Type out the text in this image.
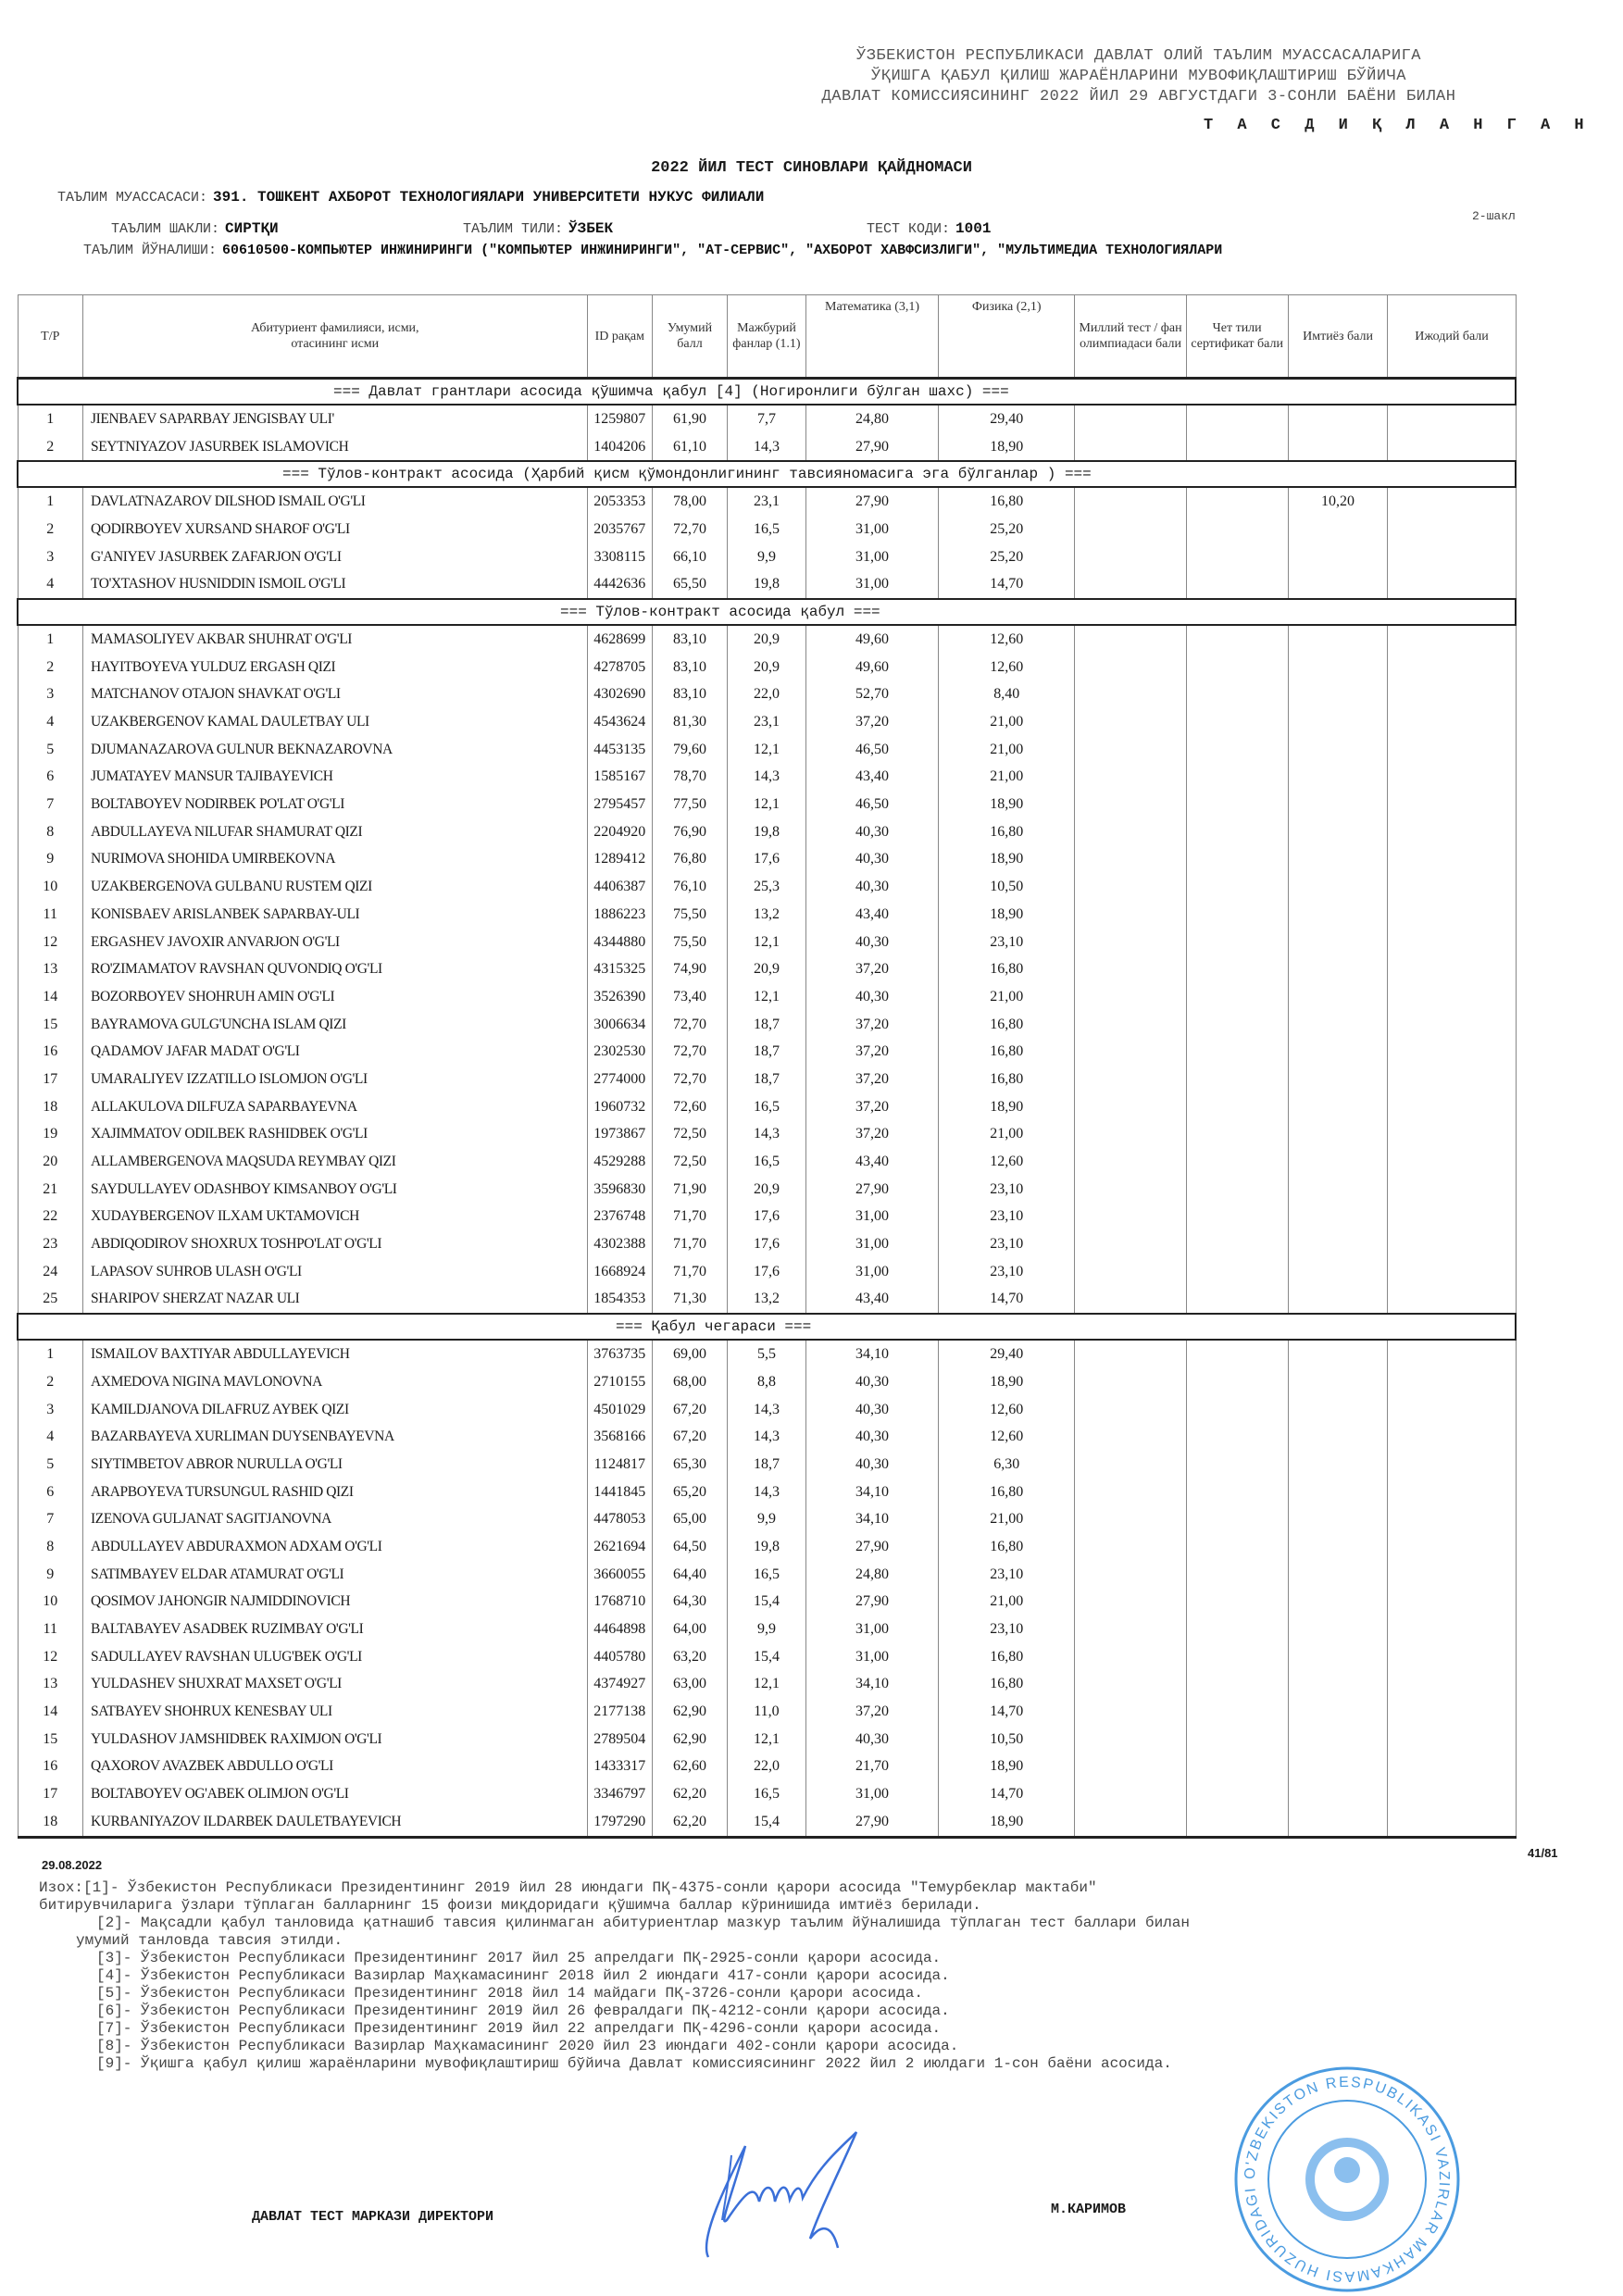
ЎЗБЕКИСТОН РЕСПУБЛИКАСИ ДАВЛАТ ОЛИЙ ТАЪЛИМ МУАССАСАЛАРИГА
ЎҚИШГА ҚАБУЛ ҚИЛИШ ЖАРАЁНЛАРИНИ МУВОФИҚЛАШТИРИШ БЎЙИЧА
ДАВЛАТ КОМИССИЯСИНИНГ 2022 ЙИЛ 29 АВГУСТДАГИ 3-СОНЛИ БАЁНИ БИЛАН
Т А С Д И Қ Л А Н Г А Н
2022 ЙИЛ ТЕСТ СИНОВЛАРИ ҚАЙДНОМАСИ
ТАЪЛИМ МУАССАСАСИ: 391. ТОШКЕНТ АХБОРОТ ТЕХНОЛОГИЯЛАРИ УНИВЕРСИТЕТИ НУКУС ФИЛИАЛИ
ТАЪЛИМ ШАКЛИ: СИРТҚИ	ТАЪЛИМ ТИЛИ: ЎЗБЕК	ТЕСТ КОДИ: 1001
2-шакл
ТАЪЛИМ ЙЎНАЛИШИ: 60610500-КОМПЬЮТЕР ИНЖИНИРИНГИ ("КОМПЬЮТЕР ИНЖИНИРИНГИ", "АТ-СЕРВИС", "АХБОРОТ ХАВФСИЗЛИГИ", "МУЛЬТИМЕДИА ТЕХНОЛОГИЯЛАРИ
Т/Р	Абитуриент фамилияси, исми, отасининг исми	ID рақам	Умумий балл	Мажбурий фанлар (1.1)	Математика (3,1)	Физика (2,1)	Миллий тест / фан олимпиадаси бали	Чет тили сертификат бали	Имтиёз бали	Ижодий бали
=== Давлат грантлари асосида қўшимча қабул [4] (Ногиронлиги бўлган шахс) ===										
1	JIENBAEV SAPARBAY JENGISBAY ULI'	1259807	61,90	7,7	24,80	29,40				
2	SEYTNIYAZOV JASURBEK ISLAMOVICH	1404206	61,10	14,3	27,90	18,90				
=== Тўлов-контракт асосида (Ҳарбий қисм қўмондонлигининг тавсияномасига эга бўлганлар ) ===										
1	DAVLATNAZAROV DILSHOD ISMAIL O'G'LI	2053353	78,00	23,1	27,90	16,80			10,20	
2	QODIRBOYEV XURSAND SHAROF O'G'LI	2035767	72,70	16,5	31,00	25,20				
3	G'ANIYEV JASURBEK ZAFARJON O'G'LI	3308115	66,10	9,9	31,00	25,20				
4	TO'XTASHOV HUSNIDDIN ISMOIL O'G'LI	4442636	65,50	19,8	31,00	14,70				
=== Тўлов-контракт асосида қабул ===										
1	MAMASOLIYEV AKBAR SHUHRAT O'G'LI	4628699	83,10	20,9	49,60	12,60				
2	HAYITBOYEVA YULDUZ ERGASH QIZI	4278705	83,10	20,9	49,60	12,60				
3	MATCHANOV OTAJON SHAVKAT O'G'LI	4302690	83,10	22,0	52,70	8,40				
4	UZAKBERGENOV KAMAL DAULETBAY ULI	4543624	81,30	23,1	37,20	21,00				
5	DJUMANAZAROVA GULNUR BEKNAZAROVNA	4453135	79,60	12,1	46,50	21,00				
6	JUMATAYEV MANSUR TAJIBAYEVICH	1585167	78,70	14,3	43,40	21,00				
7	BOLTABOYEV NODIRBEK PO'LAT O'G'LI	2795457	77,50	12,1	46,50	18,90				
8	ABDULLAYEVA NILUFAR SHAMURAT QIZI	2204920	76,90	19,8	40,30	16,80				
9	NURIMOVA SHOHIDA UMIRBEKOVNA	1289412	76,80	17,6	40,30	18,90				
10	UZAKBERGENOVA GULBANU RUSTEM QIZI	4406387	76,10	25,3	40,30	10,50				
11	KONISBAEV ARISLANBEK SAPARBAY-ULI	1886223	75,50	13,2	43,40	18,90				
12	ERGASHEV JAVOXIR ANVARJON O'G'LI	4344880	75,50	12,1	40,30	23,10				
13	RO'ZIMAMATOV RAVSHAN QUVONDIQ O'G'LI	4315325	74,90	20,9	37,20	16,80				
14	BOZORBOYEV SHOHRUH AMIN O'G'LI	3526390	73,40	12,1	40,30	21,00				
15	BAYRAMOVA GULG'UNCHA ISLAM QIZI	3006634	72,70	18,7	37,20	16,80				
16	QADAMOV JAFAR MADAT O'G'LI	2302530	72,70	18,7	37,20	16,80				
17	UMARALIYEV IZZATILLO ISLOMJON O'G'LI	2774000	72,70	18,7	37,20	16,80				
18	ALLAKULOVA DILFUZA SAPARBAYEVNA	1960732	72,60	16,5	37,20	18,90				
19	XAJIMMATOV ODILBEK RASHIDBEK O'G'LI	1973867	72,50	14,3	37,20	21,00				
20	ALLAMBERGENOVA MAQSUDA REYMBAY QIZI	4529288	72,50	16,5	43,40	12,60				
21	SAYDULLAYEV ODASHBOY KIMSANBOY O'G'LI	3596830	71,90	20,9	27,90	23,10				
22	XUDAYBERGENOV ILXAM UKTAMOVICH	2376748	71,70	17,6	31,00	23,10				
23	ABDIQODIROV SHOXRUX TOSHPO'LAT O'G'LI	4302388	71,70	17,6	31,00	23,10				
24	LAPASOV SUHROB ULASH O'G'LI	1668924	71,70	17,6	31,00	23,10				
25	SHARIPOV SHERZAT NAZAR ULI	1854353	71,30	13,2	43,40	14,70				
=== Қабул чегараси ===										
1	ISMAILOV BAXTIYAR ABDULLAYEVICH	3763735	69,00	5,5	34,10	29,40				
2	AXMEDOVA NIGINA MAVLONOVNA	2710155	68,00	8,8	40,30	18,90				
3	KAMILDJANOVA DILAFRUZ AYBEK QIZI	4501029	67,20	14,3	40,30	12,60				
4	BAZARBAYEVA XURLIMAN DUYSENBAYEVNA	3568166	67,20	14,3	40,30	12,60				
5	SIYTIMBETOV ABROR NURULLA O'G'LI	1124817	65,30	18,7	40,30	6,30				
6	ARAPBOYEVA TURSUNGUL RASHID QIZI	1441845	65,20	14,3	34,10	16,80				
7	IZENOVA GULJANAT SAGITJANOVNA	4478053	65,00	9,9	34,10	21,00				
8	ABDULLAYEV ABDURAXMON ADXAM O'G'LI	2621694	64,50	19,8	27,90	16,80				
9	SATIMBAYEV ELDAR ATAMURAT O'G'LI	3660055	64,40	16,5	24,80	23,10				
10	QOSIMOV JAHONGIR NAJMIDDINOVICH	1768710	64,30	15,4	27,90	21,00				
11	BALTABAYEV ASADBEK RUZIMBAY O'G'LI	4464898	64,00	9,9	31,00	23,10				
12	SADULLAYEV RAVSHAN ULUG'BEK O'G'LI	4405780	63,20	15,4	31,00	16,80				
13	YULDASHEV SHUXRAT MAXSET O'G'LI	4374927	63,00	12,1	34,10	16,80				
14	SATBAYEV SHOHRUX KENESBAY ULI	2177138	62,90	11,0	37,20	14,70				
15	YULDASHOV JAMSHIDBEK RAXIMJON O'G'LI	2789504	62,90	12,1	40,30	10,50				
16	QAXOROV AVAZBEK ABDULLO O'G'LI	1433317	62,60	22,0	21,70	18,90				
17	BOLTABOYEV OG'ABEK OLIMJON O'G'LI	3346797	62,20	16,5	31,00	14,70				
18	KURBANIYAZOV ILDARBEK DAULETBAYEVICH	1797290	62,20	15,4	27,90	18,90				
29.08.2022
41/81
Изох:[1]- Ўзбекистон Республикаси Президентининг 2019 йил 28 июндаги ПҚ-4375-сонли қарори асосида "Темурбеклар мактаби"
битирувчиларига ўзлари тўплаган балларнинг 15 фоизи миқдоридаги қўшимча баллар кўринишида имтиёз берилади.
[2]- Мақсадли қабул танловида қатнашиб тавсия қилинмаган абитуриентлар мазкур таълим йўналишида тўплаган тест баллари билан
умумий танловда тавсия этилди.
[3]- Ўзбекистон Республикаси Президентининг 2017 йил 25 апрелдаги ПҚ-2925-сонли қарори асосида.
[4]- Ўзбекистон Республикаси Вазирлар Маҳкамасининг 2018 йил 2 июндаги 417-сонли қарори асосида.
[5]- Ўзбекистон Республикаси Президентининг 2018 йил 14 майдаги ПҚ-3726-сонли қарори асосида.
[6]- Ўзбекистон Республикаси Президентининг 2019 йил 26 февралдаги ПҚ-4212-сонли қарори асосида.
[7]- Ўзбекистон Республикаси Президентининг 2019 йил 22 апрелдаги ПҚ-4296-сонли қарори асосида.
[8]- Ўзбекистон Республикаси Вазирлар Маҳкамасининг 2020 йил 23 июндаги 402-сонли қарори асосида.
[9]- Ўқишга қабул қилиш жараёнларини мувофиқлаштириш бўйича Давлат комиссиясининг 2022 йил 2 июлдаги 1-сон баёни асосида.
ДАВЛАТ ТЕСТ МАРКАЗИ ДИРЕКТОРИ	М.КАРИМОВ
O'ZBEKISTON RESPUBLIKASI VAZIRLAR MAHKAMASI HUZURIDAGI
